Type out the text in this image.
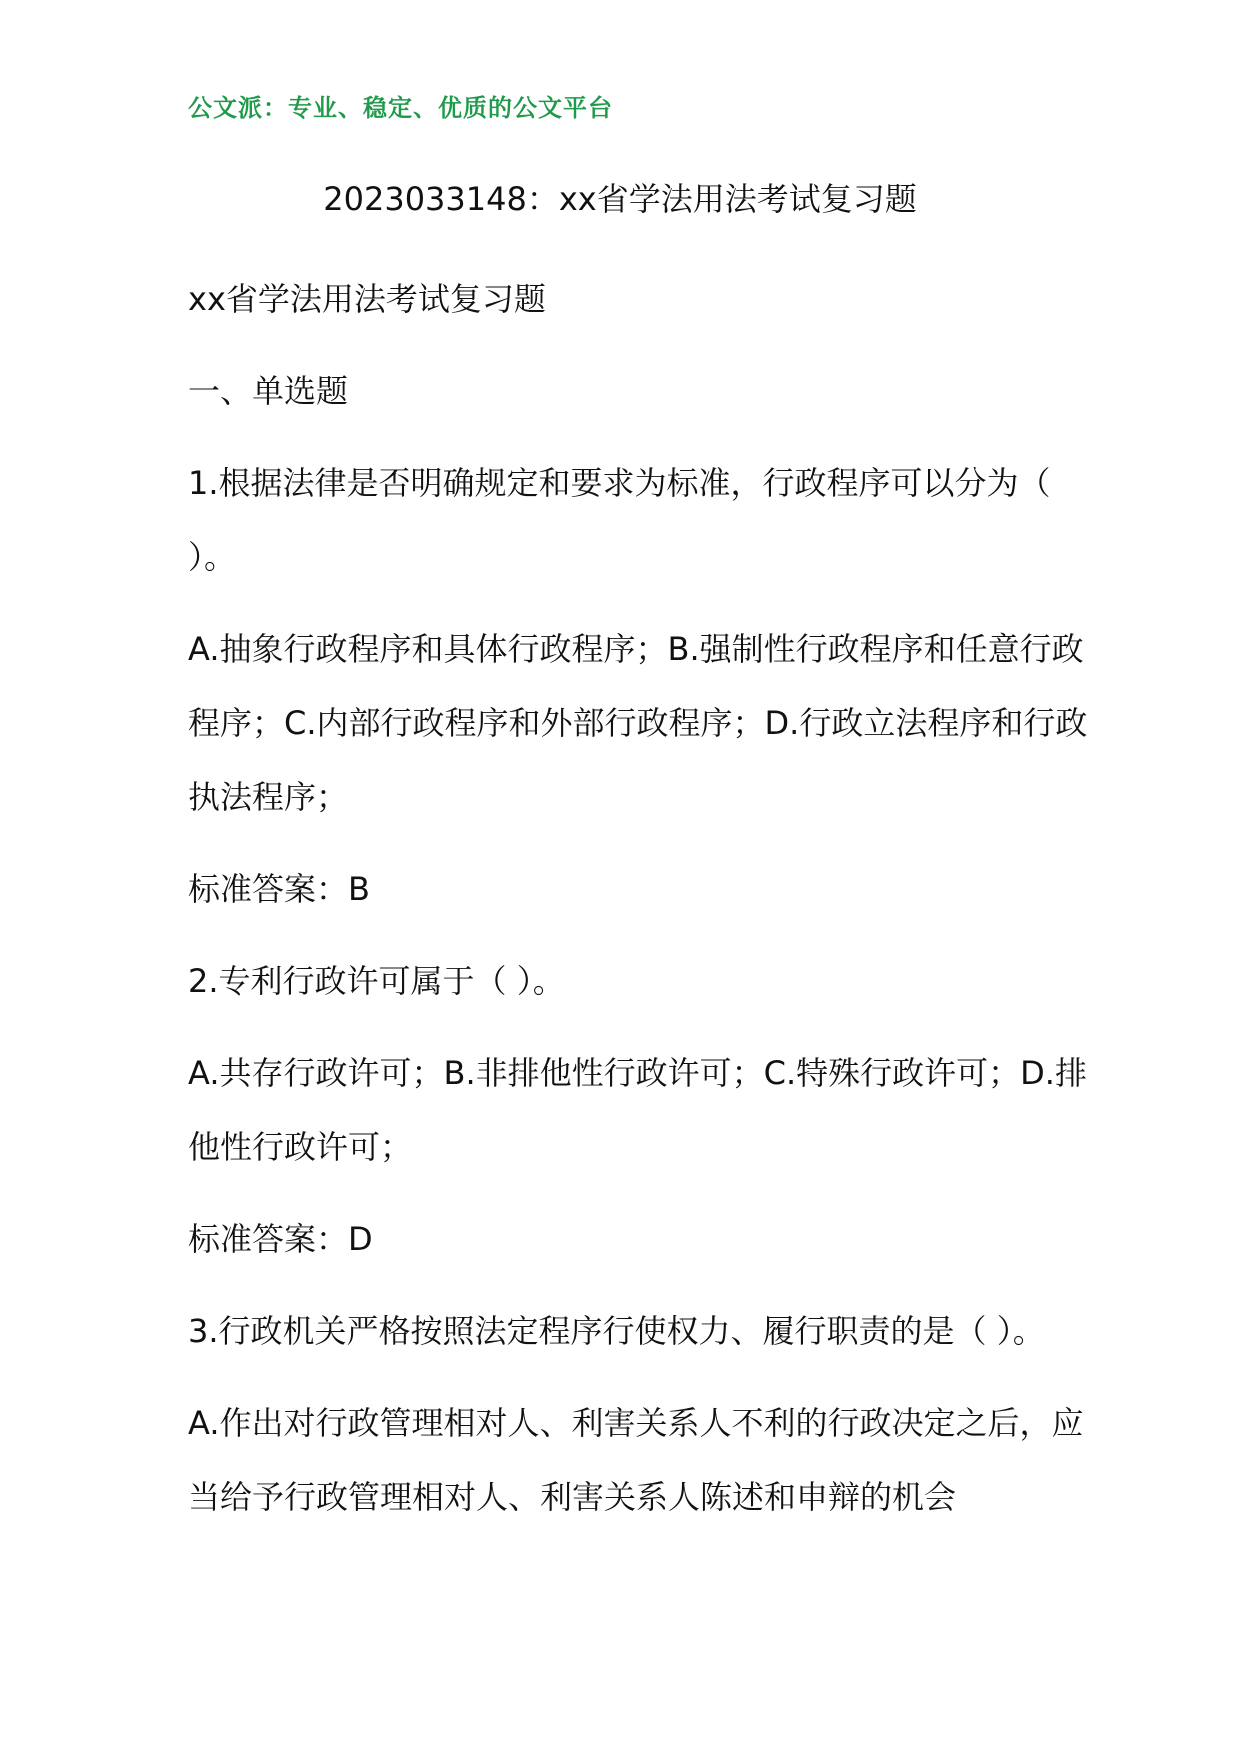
公文派：专业、稳定、优质的公文平台
2023033148：xx省学法用法考试复习题

xx省学法用法考试复习题

一、单选题

1.根据法律是否明确规定和要求为标准，行政程序可以分为（ ）。

A.抽象行政程序和具体行政程序；B.强制性行政程序和任意行政程序；C.内部行政程序和外部行政程序；D.行政立法程序和行政执法程序；

标准答案：B

2.专利行政许可属于（ ）。

A.共存行政许可；B.非排他性行政许可；C.特殊行政许可；D.排他性行政许可；

标准答案：D

3.行政机关严格按照法定程序行使权力、履行职责的是（ ）。

A.作出对行政管理相对人、利害关系人不利的行政决定之后，应当给予行政管理相对人、利害关系人陈述和申辩的机会
